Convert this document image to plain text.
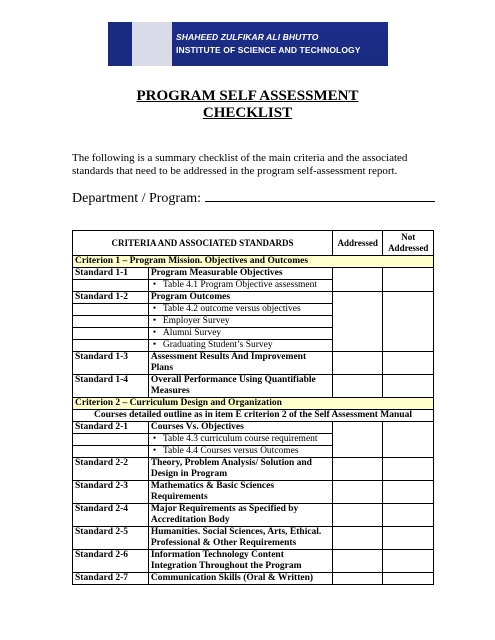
SHAHEED ZULFIKAR ALI BHUTTO
INSTITUTE OF SCIENCE AND TECHNOLOGY
PROGRAM SELF ASSESSMENT
CHECKLIST
The following is a summary checklist of the main criteria and the associated standards that need to be addressed in the program self-assessment report.
Department / Program:
CRITERIA AND ASSOCIATED STANDARDS		Addressed	Not Addressed
Criterion 1 – Program Mission. Objectives and Outcomes			
Standard 1-1	Program Measurable Objectives		
	• Table 4.1 Program Objective assessment
Standard 1-2	Program Outcomes		
	• Table 4.2 outcome versus objectives
	• Employer Survey
	• Alumni Survey
	• Graduating Student’s Survey
Standard 1-3	Assessment Results And Improvement Plans		
Standard 1-4	Overall Performance Using Quantifiable Measures		
Criterion 2 – Curriculum Design and Organization			
Courses detailed outline as in item E criterion 2 of the Self Assessment Manual			
Standard 2-1	Courses Vs. Objectives		
	• Table 4.3 curriculum course requirement
	• Table 4.4 Courses versus Outcomes
Standard 2-2	Theory, Problem Analysis/ Solution and Design in Program		
Standard 2-3	Mathematics & Basic Sciences Requirements		
Standard 2-4	Major Requirements as Specified by Accreditation Body		
Standard 2-5	Humanities. Social Sciences, Arts, Ethical. Professional & Other Requirements		
Standard 2-6	Information Technology Content Integration Throughout the Program		
Standard 2-7	Communication Skills (Oral & Written)		
